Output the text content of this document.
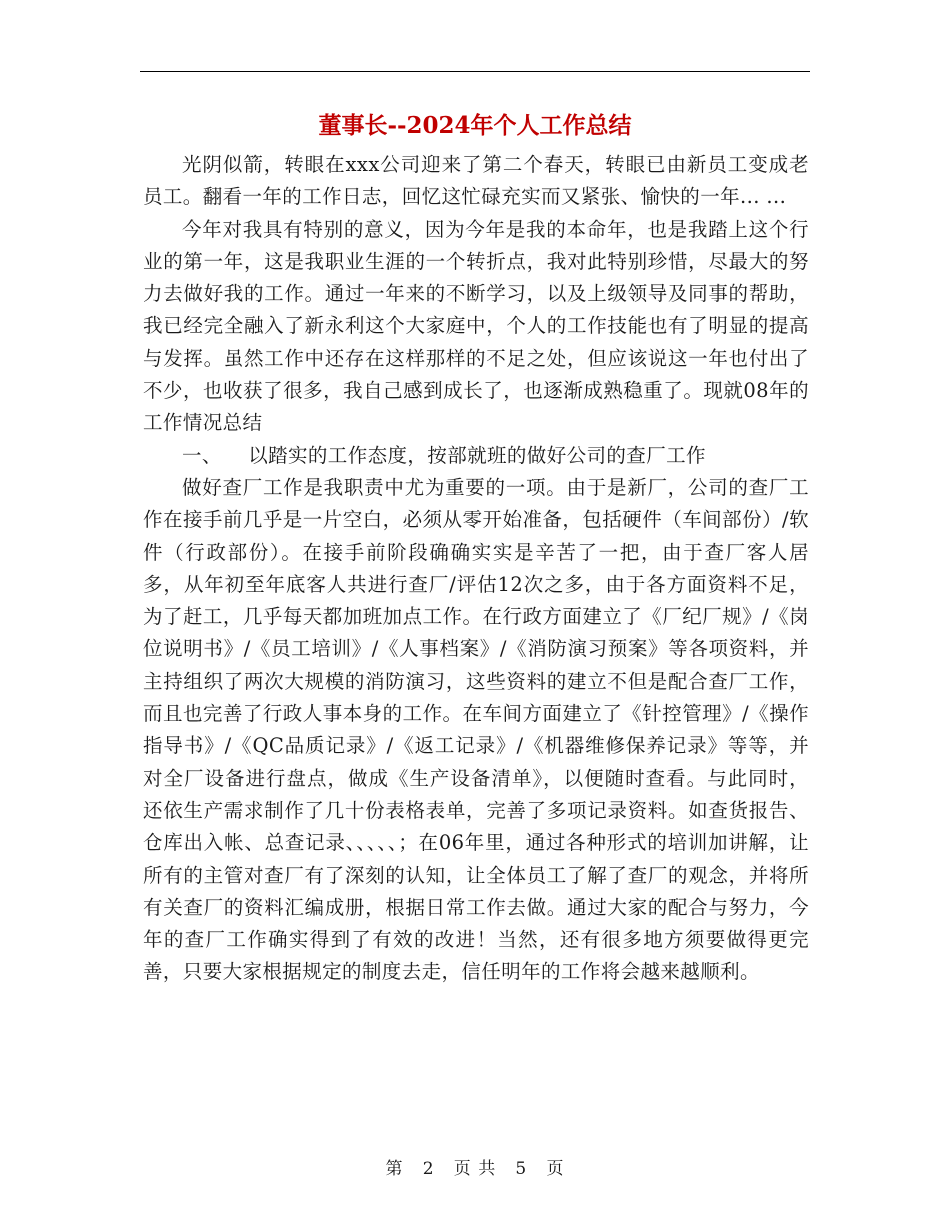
董事长--2024年个人工作总结

光阴似箭，转眼在xxx公司迎来了第二个春天，转眼已由新员工变成老员工。翻看一年的工作日志，回忆这忙碌充实而又紧张、愉快的一年... ...

今年对我具有特别的意义，因为今年是我的本命年，也是我踏上这个行业的第一年，这是我职业生涯的一个转折点，我对此特别珍惜，尽最大的努力去做好我的工作。通过一年来的不断学习，以及上级领导及同事的帮助，我已经完全融入了新永利这个大家庭中，个人的工作技能也有了明显的提高与发挥。虽然工作中还存在这样那样的不足之处，但应该说这一年也付出了不少，也收获了很多，我自己感到成长了，也逐渐成熟稳重了。现就08年的工作情况总结

一、    以踏实的工作态度，按部就班的做好公司的查厂工作

做好查厂工作是我职责中尤为重要的一项。由于是新厂，公司的查厂工作在接手前几乎是一片空白，必须从零开始准备，包括硬件（车间部份）/软件（行政部份）。在接手前阶段确确实实是辛苦了一把，由于查厂客人居多，从年初至年底客人共进行查厂/评估12次之多，由于各方面资料不足，为了赶工，几乎每天都加班加点工作。在行政方面建立了《厂纪厂规》/《岗位说明书》/《员工培训》/《人事档案》/《消防演习预案》等各项资料，并主持组织了两次大规模的消防演习，这些资料的建立不但是配合查厂工作，而且也完善了行政人事本身的工作。在车间方面建立了《针控管理》/《操作指导书》/《QC品质记录》/《返工记录》/《机器维修保养记录》等等，并对全厂设备进行盘点，做成《生产设备清单》，以便随时查看。与此同时，还依生产需求制作了几十份表格表单，完善了多项记录资料。如查货报告、仓库出入帐、总查记录、、、、、；在06年里，通过各种形式的培训加讲解，让所有的主管对查厂有了深刻的认知，让全体员工了解了查厂的观念，并将所有关查厂的资料汇编成册，根据日常工作去做。通过大家的配合与努力，今年的查厂工作确实得到了有效的改进！当然，还有很多地方须要做得更完善，只要大家根据规定的制度去走，信任明年的工作将会越来越顺利。

第 2 页 共 5 页
